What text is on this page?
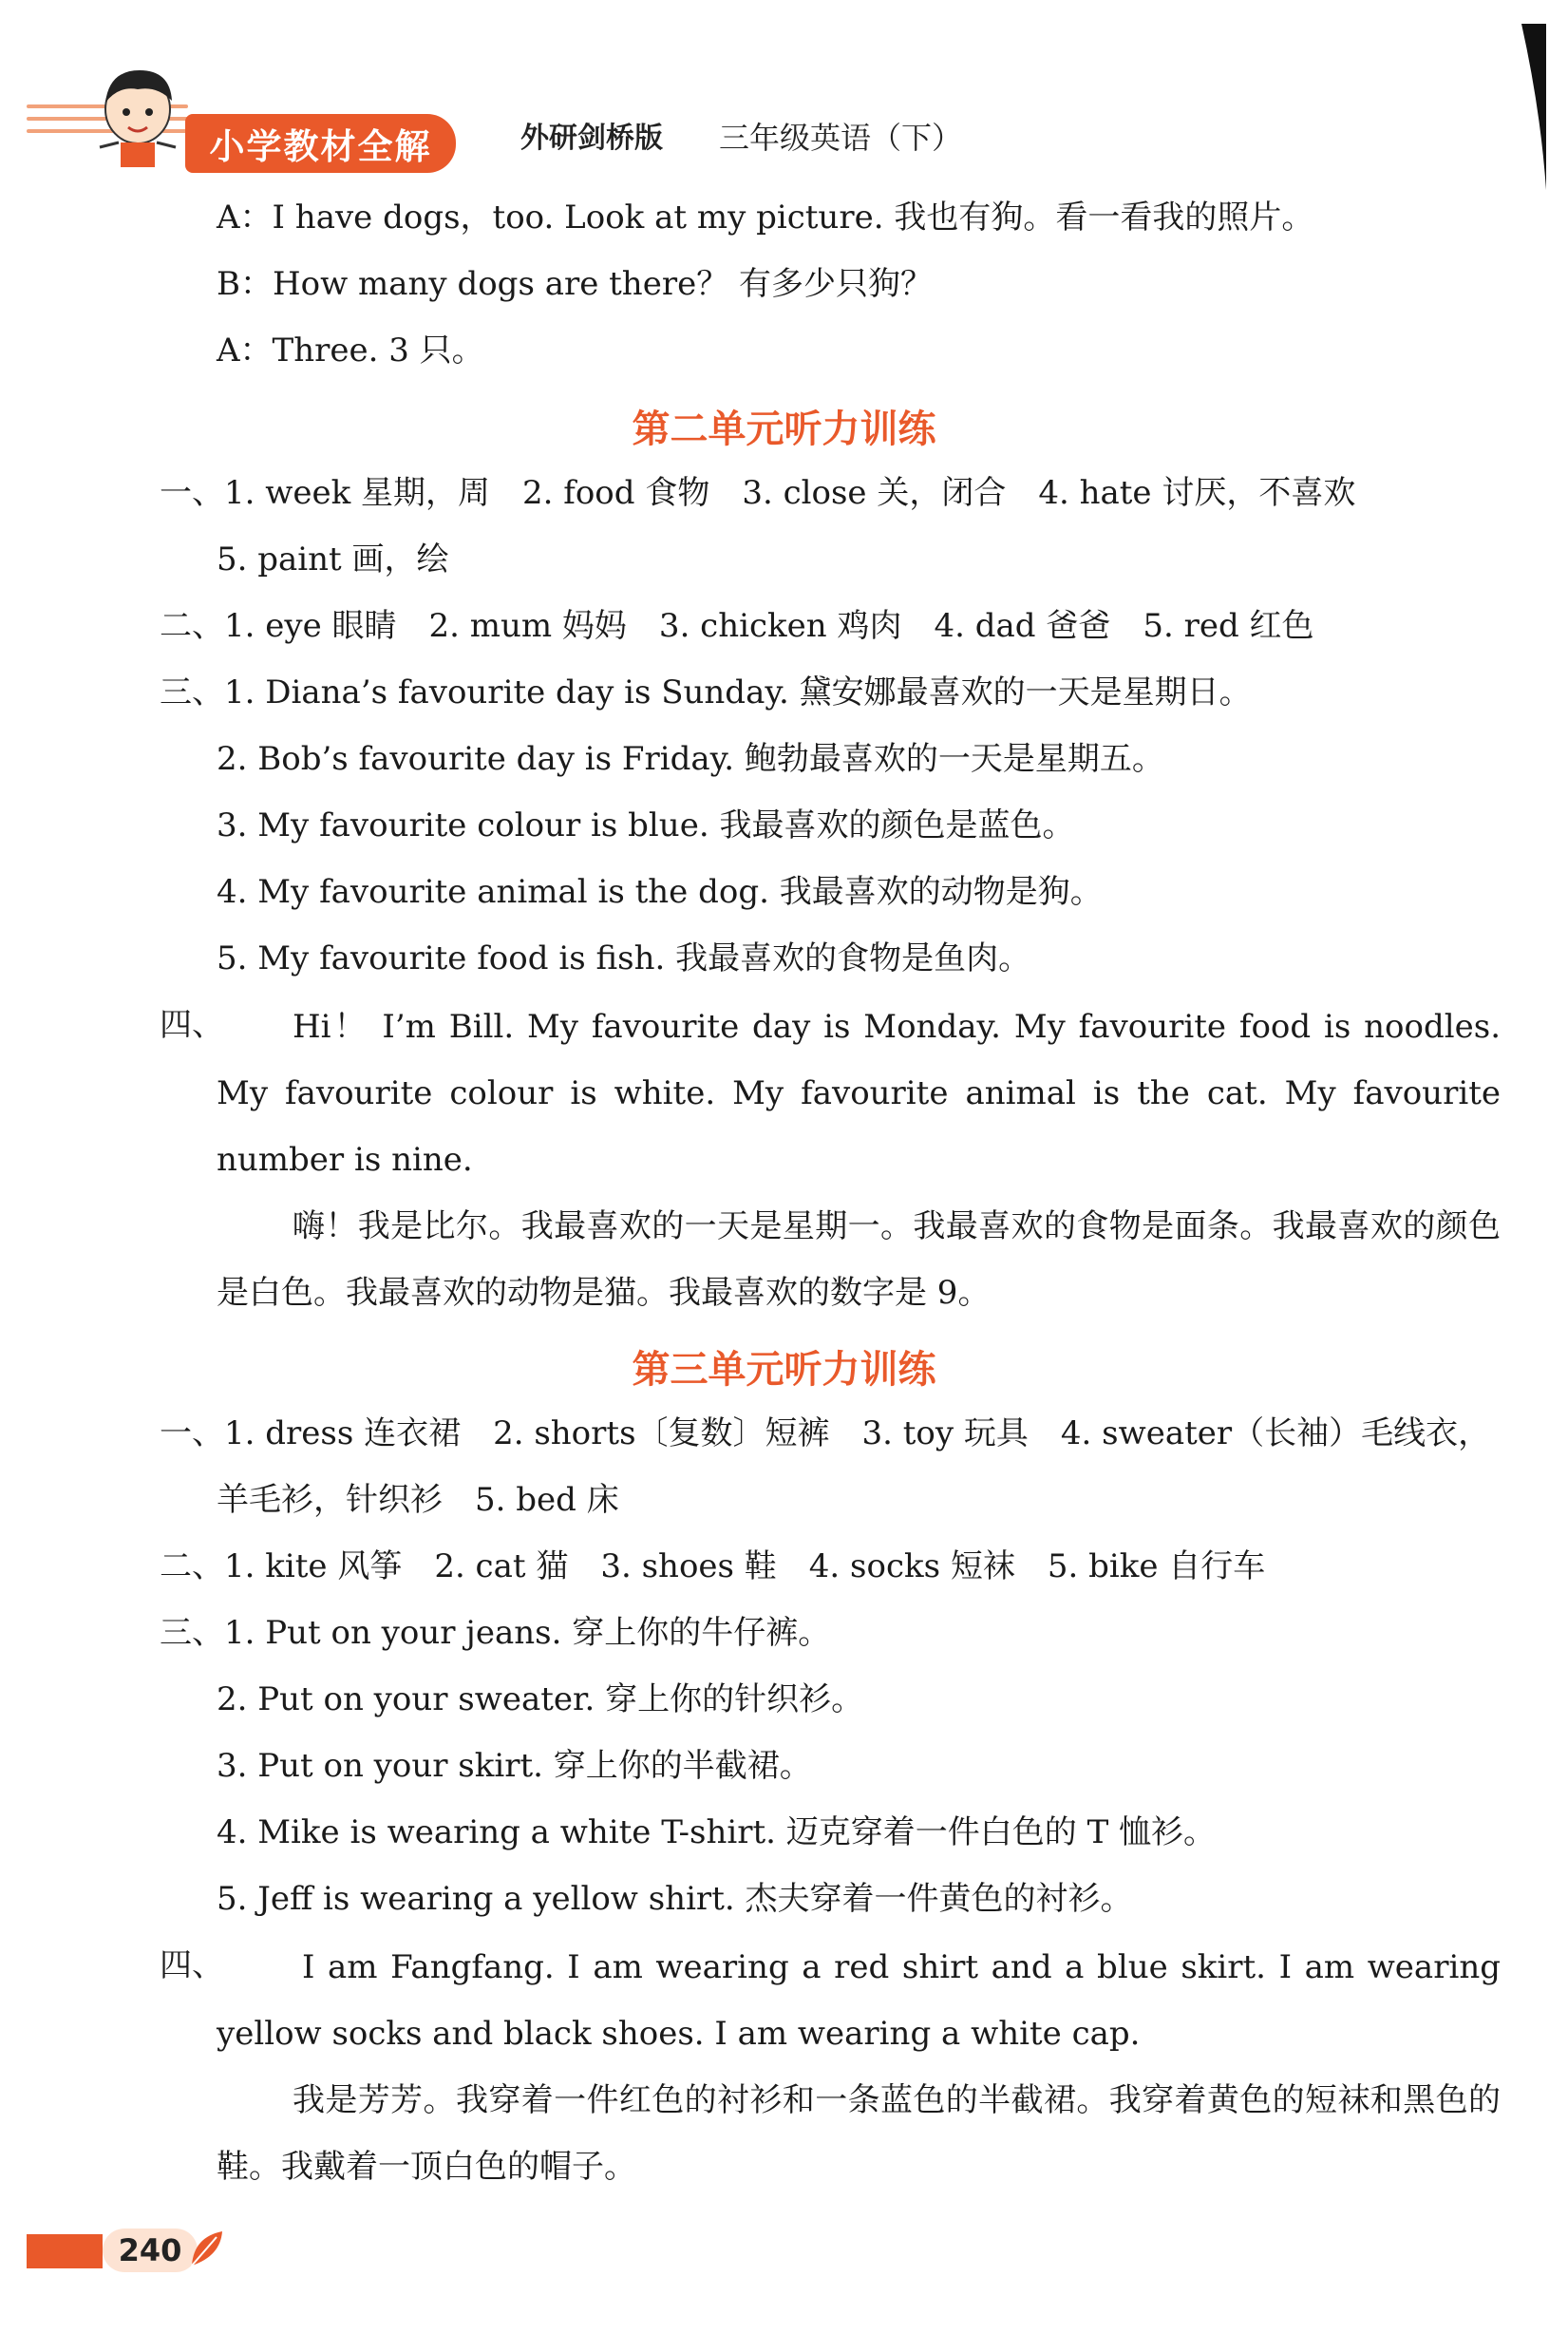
小学教材全解	外研剑桥版 三年级英语（下）
A：I have dogs，too. Look at my picture. 我也有狗。看一看我的照片。
B：How many dogs are there？ 有多少只狗？
A：Three. 3 只。
第二单元听力训练
一、1. week 星期，周　2. food 食物　3. close 关，闭合　4. hate 讨厌，不喜欢
5. paint 画，绘
二、1. eye 眼睛　2. mum 妈妈　3. chicken 鸡肉　4. dad 爸爸　5. red 红色
三、1. Diana’s favourite day is Sunday. 黛安娜最喜欢的一天是星期日。
2. Bob’s favourite day is Friday. 鲍勃最喜欢的一天是星期五。
3. My favourite colour is blue. 我最喜欢的颜色是蓝色。
4. My favourite animal is the dog. 我最喜欢的动物是狗。
5. My favourite food is fish. 我最喜欢的食物是鱼肉。
四、	Hi！ I’m Bill. My favourite day is Monday. My favourite food is noodles. My favourite colour is white. My favourite animal is the cat. My favourite number is nine.
嗨！我是比尔。我最喜欢的一天是星期一。我最喜欢的食物是面条。我最喜欢的颜色是白色。我最喜欢的动物是猫。我最喜欢的数字是 9。
第三单元听力训练
一、1. dress 连衣裙　2. shorts〔复数〕短裤　3. toy 玩具　4. sweater（长袖）毛线衣，
羊毛衫，针织衫　5. bed 床
二、1. kite 风筝　2. cat 猫　3. shoes 鞋　4. socks 短袜　5. bike 自行车
三、1. Put on your jeans. 穿上你的牛仔裤。
2. Put on your sweater. 穿上你的针织衫。
3. Put on your skirt. 穿上你的半截裙。
4. Mike is wearing a white T-shirt. 迈克穿着一件白色的 T 恤衫。
5. Jeff is wearing a yellow shirt. 杰夫穿着一件黄色的衬衫。
四、	I am Fangfang. I am wearing a red shirt and a blue skirt. I am wearing yellow socks and black shoes. I am wearing a white cap.
我是芳芳。我穿着一件红色的衬衫和一条蓝色的半截裙。我穿着黄色的短袜和黑色的鞋。我戴着一顶白色的帽子。
240
